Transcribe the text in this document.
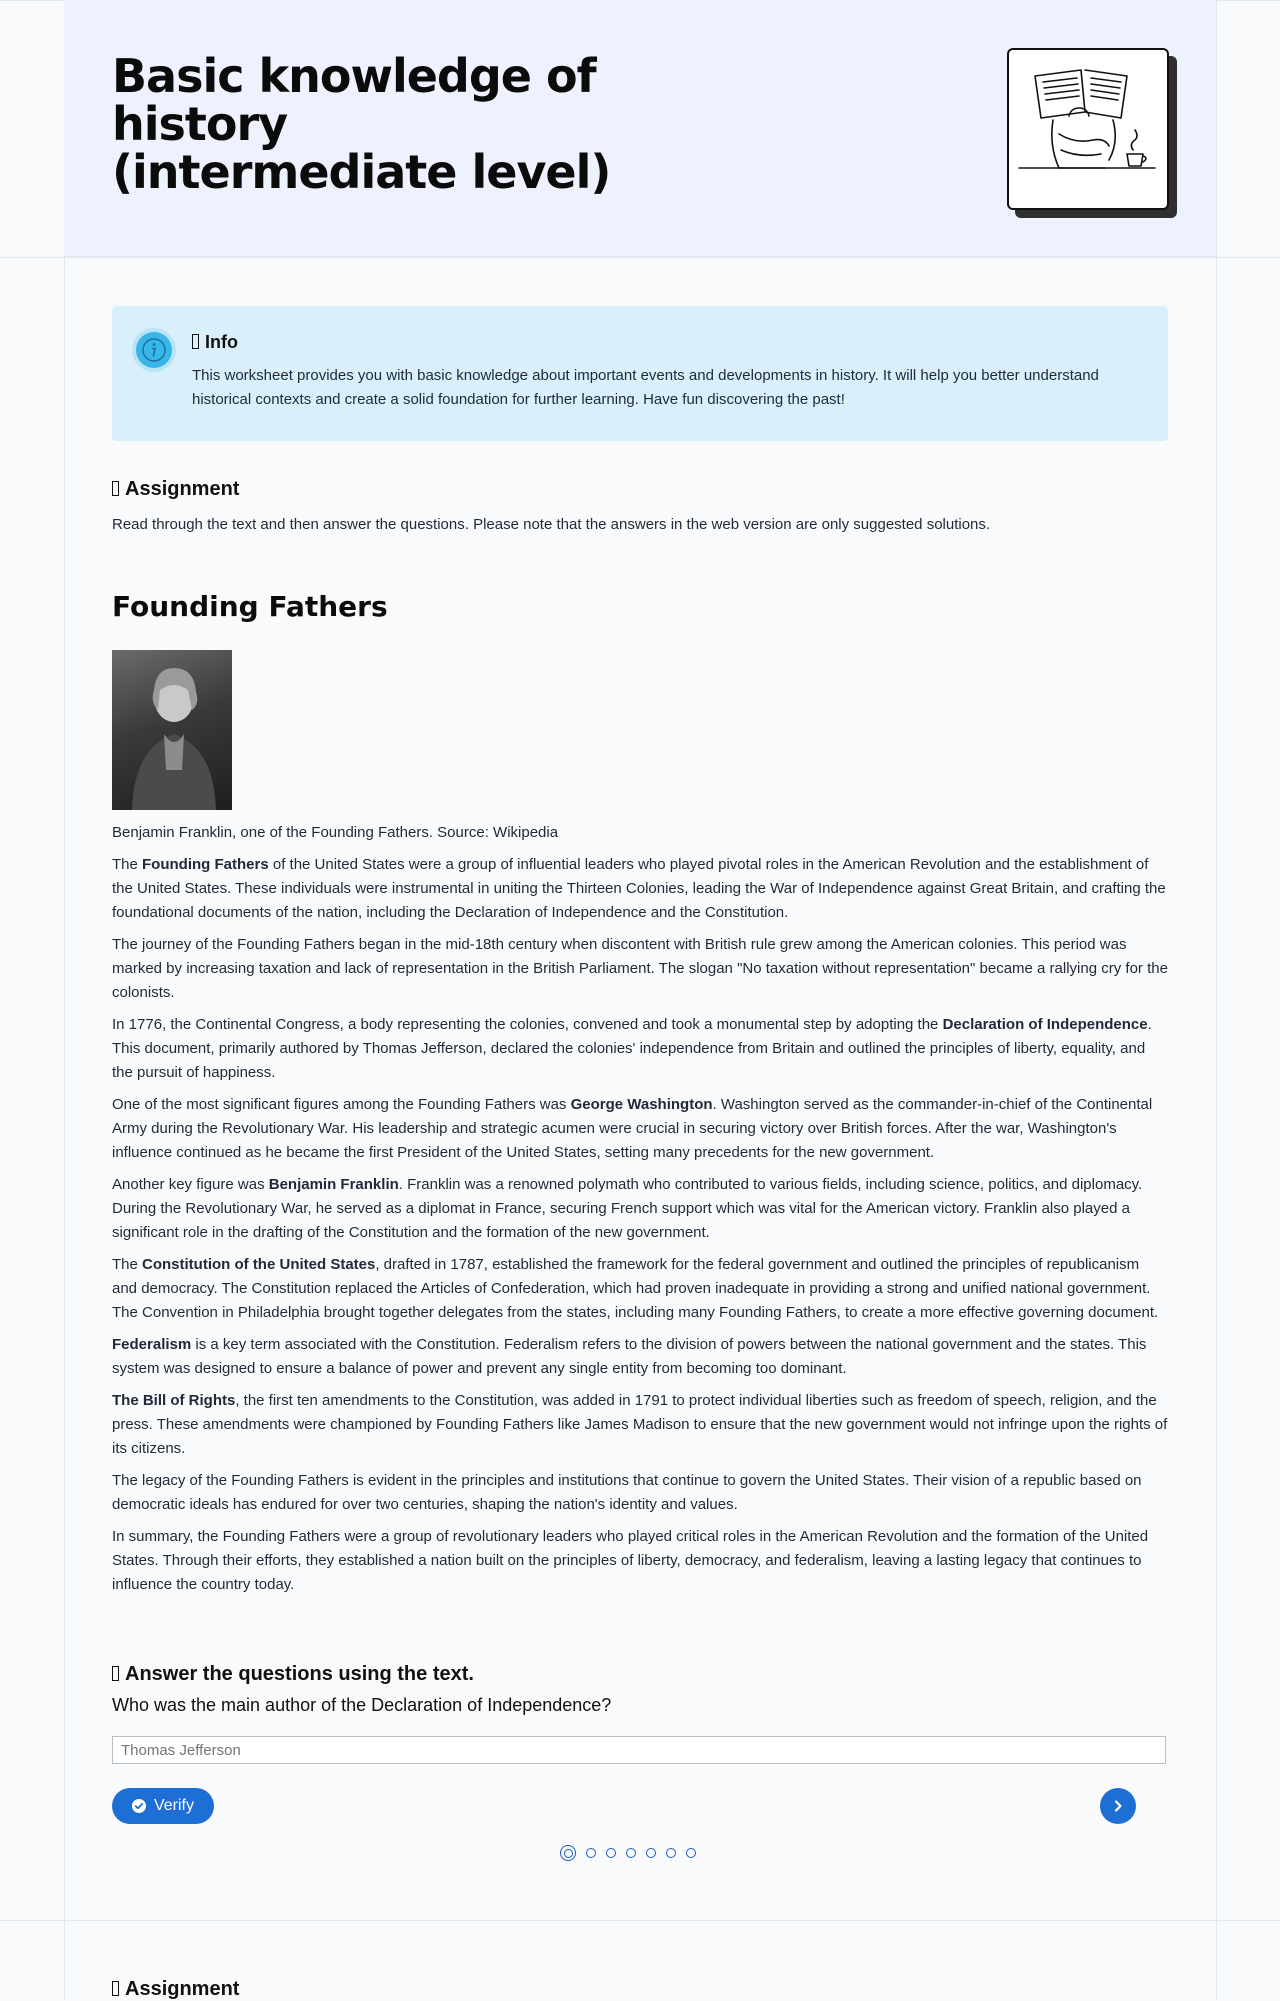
Basic knowledge of history (intermediate level)
Info

This worksheet provides you with basic knowledge about important events and developments in history. It will help you better understand historical contexts and create a solid foundation for further learning. Have fun discovering the past!

Assignment

Read through the text and then answer the questions. Please note that the answers in the web version are only suggested solutions.

Founding Fathers

Benjamin Franklin, one of the Founding Fathers. Source: Wikipedia

The Founding Fathers of the United States were a group of influential leaders who played pivotal roles in the American Revolution and the establishment of the United States. These individuals were instrumental in uniting the Thirteen Colonies, leading the War of Independence against Great Britain, and crafting the foundational documents of the nation, including the Declaration of Independence and the Constitution.

The journey of the Founding Fathers began in the mid-18th century when discontent with British rule grew among the American colonies. This period was marked by increasing taxation and lack of representation in the British Parliament. The slogan "No taxation without representation" became a rallying cry for the colonists.

In 1776, the Continental Congress, a body representing the colonies, convened and took a monumental step by adopting the Declaration of Independence. This document, primarily authored by Thomas Jefferson, declared the colonies' independence from Britain and outlined the principles of liberty, equality, and the pursuit of happiness.

One of the most significant figures among the Founding Fathers was George Washington. Washington served as the commander-in-chief of the Continental Army during the Revolutionary War. His leadership and strategic acumen were crucial in securing victory over British forces. After the war, Washington's influence continued as he became the first President of the United States, setting many precedents for the new government.

Another key figure was Benjamin Franklin. Franklin was a renowned polymath who contributed to various fields, including science, politics, and diplomacy. During the Revolutionary War, he served as a diplomat in France, securing French support which was vital for the American victory. Franklin also played a significant role in the drafting of the Constitution and the formation of the new government.

The Constitution of the United States, drafted in 1787, established the framework for the federal government and outlined the principles of republicanism and democracy. The Constitution replaced the Articles of Confederation, which had proven inadequate in providing a strong and unified national government. The Convention in Philadelphia brought together delegates from the states, including many Founding Fathers, to create a more effective governing document.

Federalism is a key term associated with the Constitution. Federalism refers to the division of powers between the national government and the states. This system was designed to ensure a balance of power and prevent any single entity from becoming too dominant.

The Bill of Rights, the first ten amendments to the Constitution, was added in 1791 to protect individual liberties such as freedom of speech, religion, and the press. These amendments were championed by Founding Fathers like James Madison to ensure that the new government would not infringe upon the rights of its citizens.

The legacy of the Founding Fathers is evident in the principles and institutions that continue to govern the United States. Their vision of a republic based on democratic ideals has endured for over two centuries, shaping the nation's identity and values.

In summary, the Founding Fathers were a group of revolutionary leaders who played critical roles in the American Revolution and the formation of the United States. Through their efforts, they established a nation built on the principles of liberty, democracy, and federalism, leaving a lasting legacy that continues to influence the country today.

Answer the questions using the text.

Who was the main author of the Declaration of Independence?

Thomas Jefferson
Verify
Assignment
